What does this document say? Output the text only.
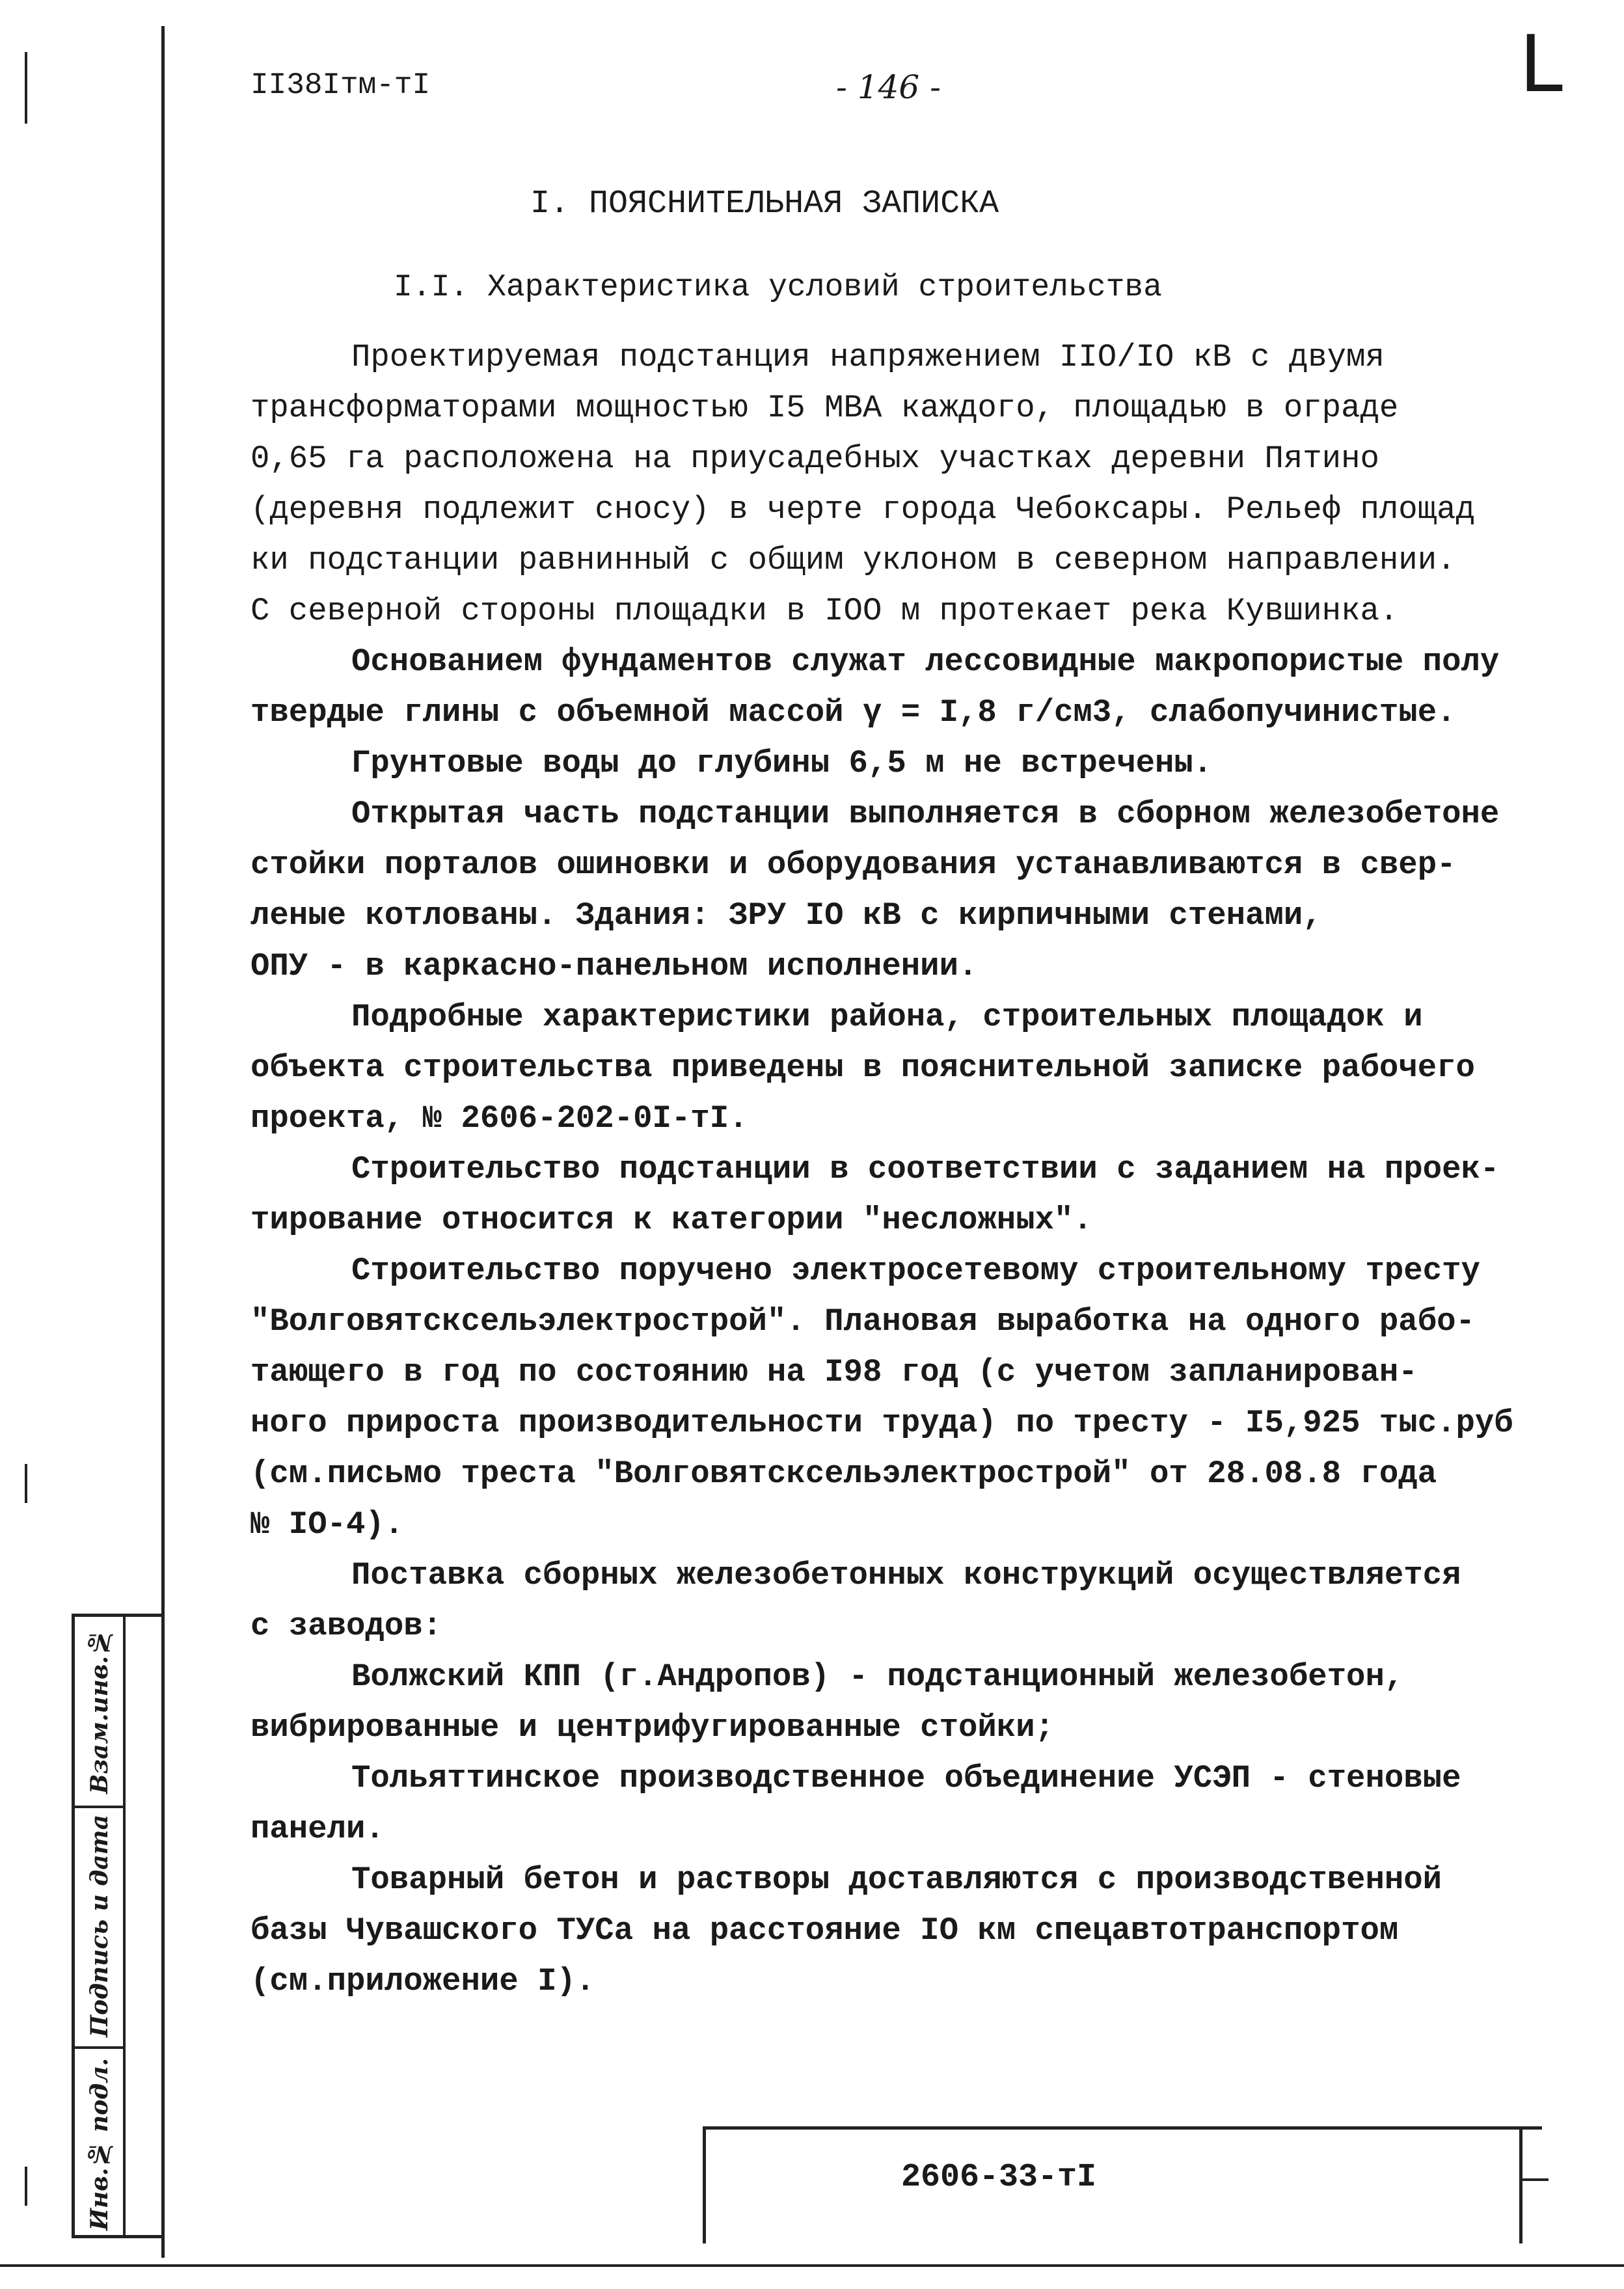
Инв.№ подл.
Подпись и дата
Взам.инв.№
L
II38Iтм-тI	- 146 -
I. ПОЯСНИТЕЛЬНАЯ ЗАПИСКА
I.I. Характеристика условий строительства
Проектируемая подстанция напряжением IIO/IO кВ с двумя
трансформаторами мощностью I5 МВА каждого, площадью в ограде
0,65 га расположена на приусадебных участках деревни Пятино
(деревня подлежит сносу) в черте города Чебоксары. Рельеф площад
ки подстанции равнинный с общим уклоном в северном направлении.
С северной стороны площадки в IOO м протекает река Кувшинка.
Основанием фундаментов служат лессовидные макропористые полу
твердые глины с объемной массой γ = I,8 г/см3, слабопучинистые.
Грунтовые воды до глубины 6,5 м не встречены.
Открытая часть подстанции выполняется в сборном железобетоне
стойки порталов ошиновки и оборудования устанавливаются в свер-
леные котлованы. Здания: ЗРУ IO кВ с кирпичными стенами,
ОПУ - в каркасно-панельном исполнении.
Подробные характеристики района, строительных площадок и
объекта строительства приведены в пояснительной записке рабочего
проекта, № 2606-202-0I-тI.
Строительство подстанции в соответствии с заданием на проек-
тирование относится к категории "несложных".
Строительство поручено электросетевому строительному тресту
"Волговятсксельэлектрострой". Плановая выработка на одного рабо-
тающего в год по состоянию на I98 год (с учетом запланирован-
ного прироста производительности труда) по тресту - I5,925 тыс.руб
(см.письмо треста "Волговятсксельэлектрострой" от 28.08.8 года
№ IO-4).
Поставка сборных железобетонных конструкций осуществляется
с заводов:
Волжский КПП (г.Андропов) - подстанционный железобетон,
вибрированные и центрифугированные стойки;
Тольяттинское производственное объединение УСЭП - стеновые
панели.
Товарный бетон и растворы доставляются с производственной
базы Чувашского ТУСа на расстояние IO км спецавтотранспортом
(см.приложение I).
2606-33-тI
